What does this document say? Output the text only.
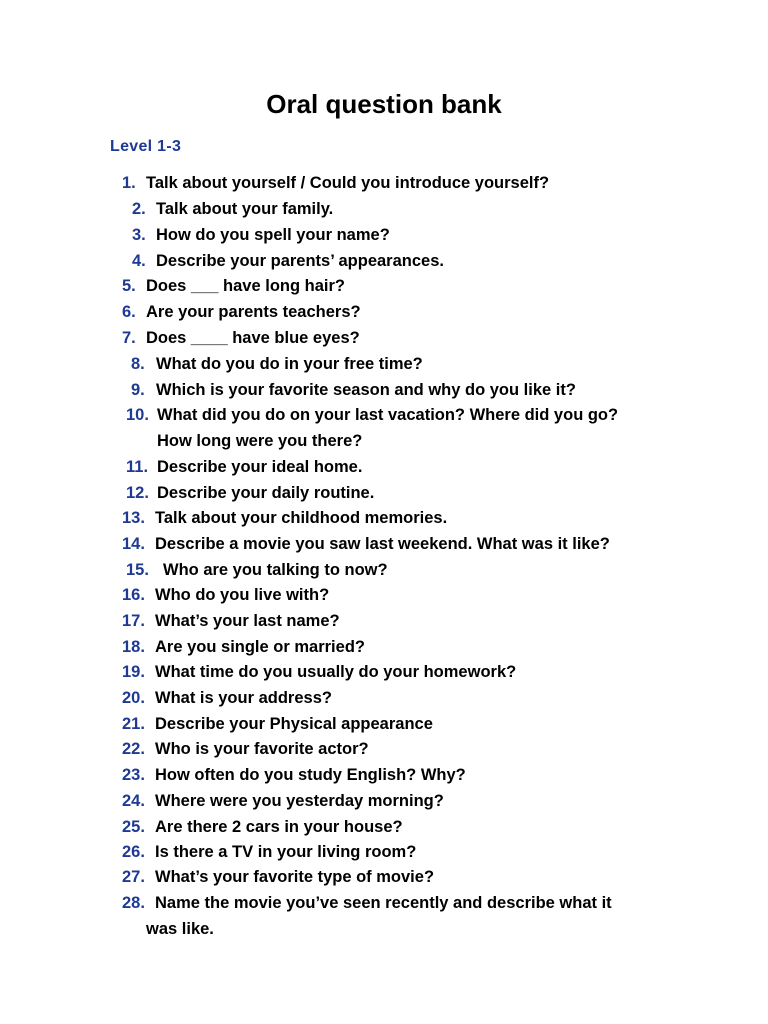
Oral question bank
Level 1-3
1. Talk about yourself / Could you introduce yourself?
2. Talk about your family.
3. How do you spell your name?
4. Describe your parents’ appearances.
5. Does ___ have long hair?
6. Are your parents teachers?
7. Does ____ have blue eyes?
8. What do you do in your free time?
9. Which is your favorite season and why do you like it?
10. What did you do on your last vacation? Where did you go?
How long were you there?
11. Describe your ideal home.
12. Describe your daily routine.
13. Talk about your childhood memories.
14. Describe a movie you saw last weekend. What was it like?
15. Who are you talking to now?
16. Who do you live with?
17. What’s your last name?
18. Are you single or married?
19. What time do you usually do your homework?
20. What is your address?
21. Describe your Physical appearance
22. Who is your favorite actor?
23. How often do you study English? Why?
24. Where were you yesterday morning?
25. Are there 2 cars in your house?
26. Is there a TV in your living room?
27. What’s your favorite type of movie?
28. Name the movie you’ve seen recently and describe what it
was like.
